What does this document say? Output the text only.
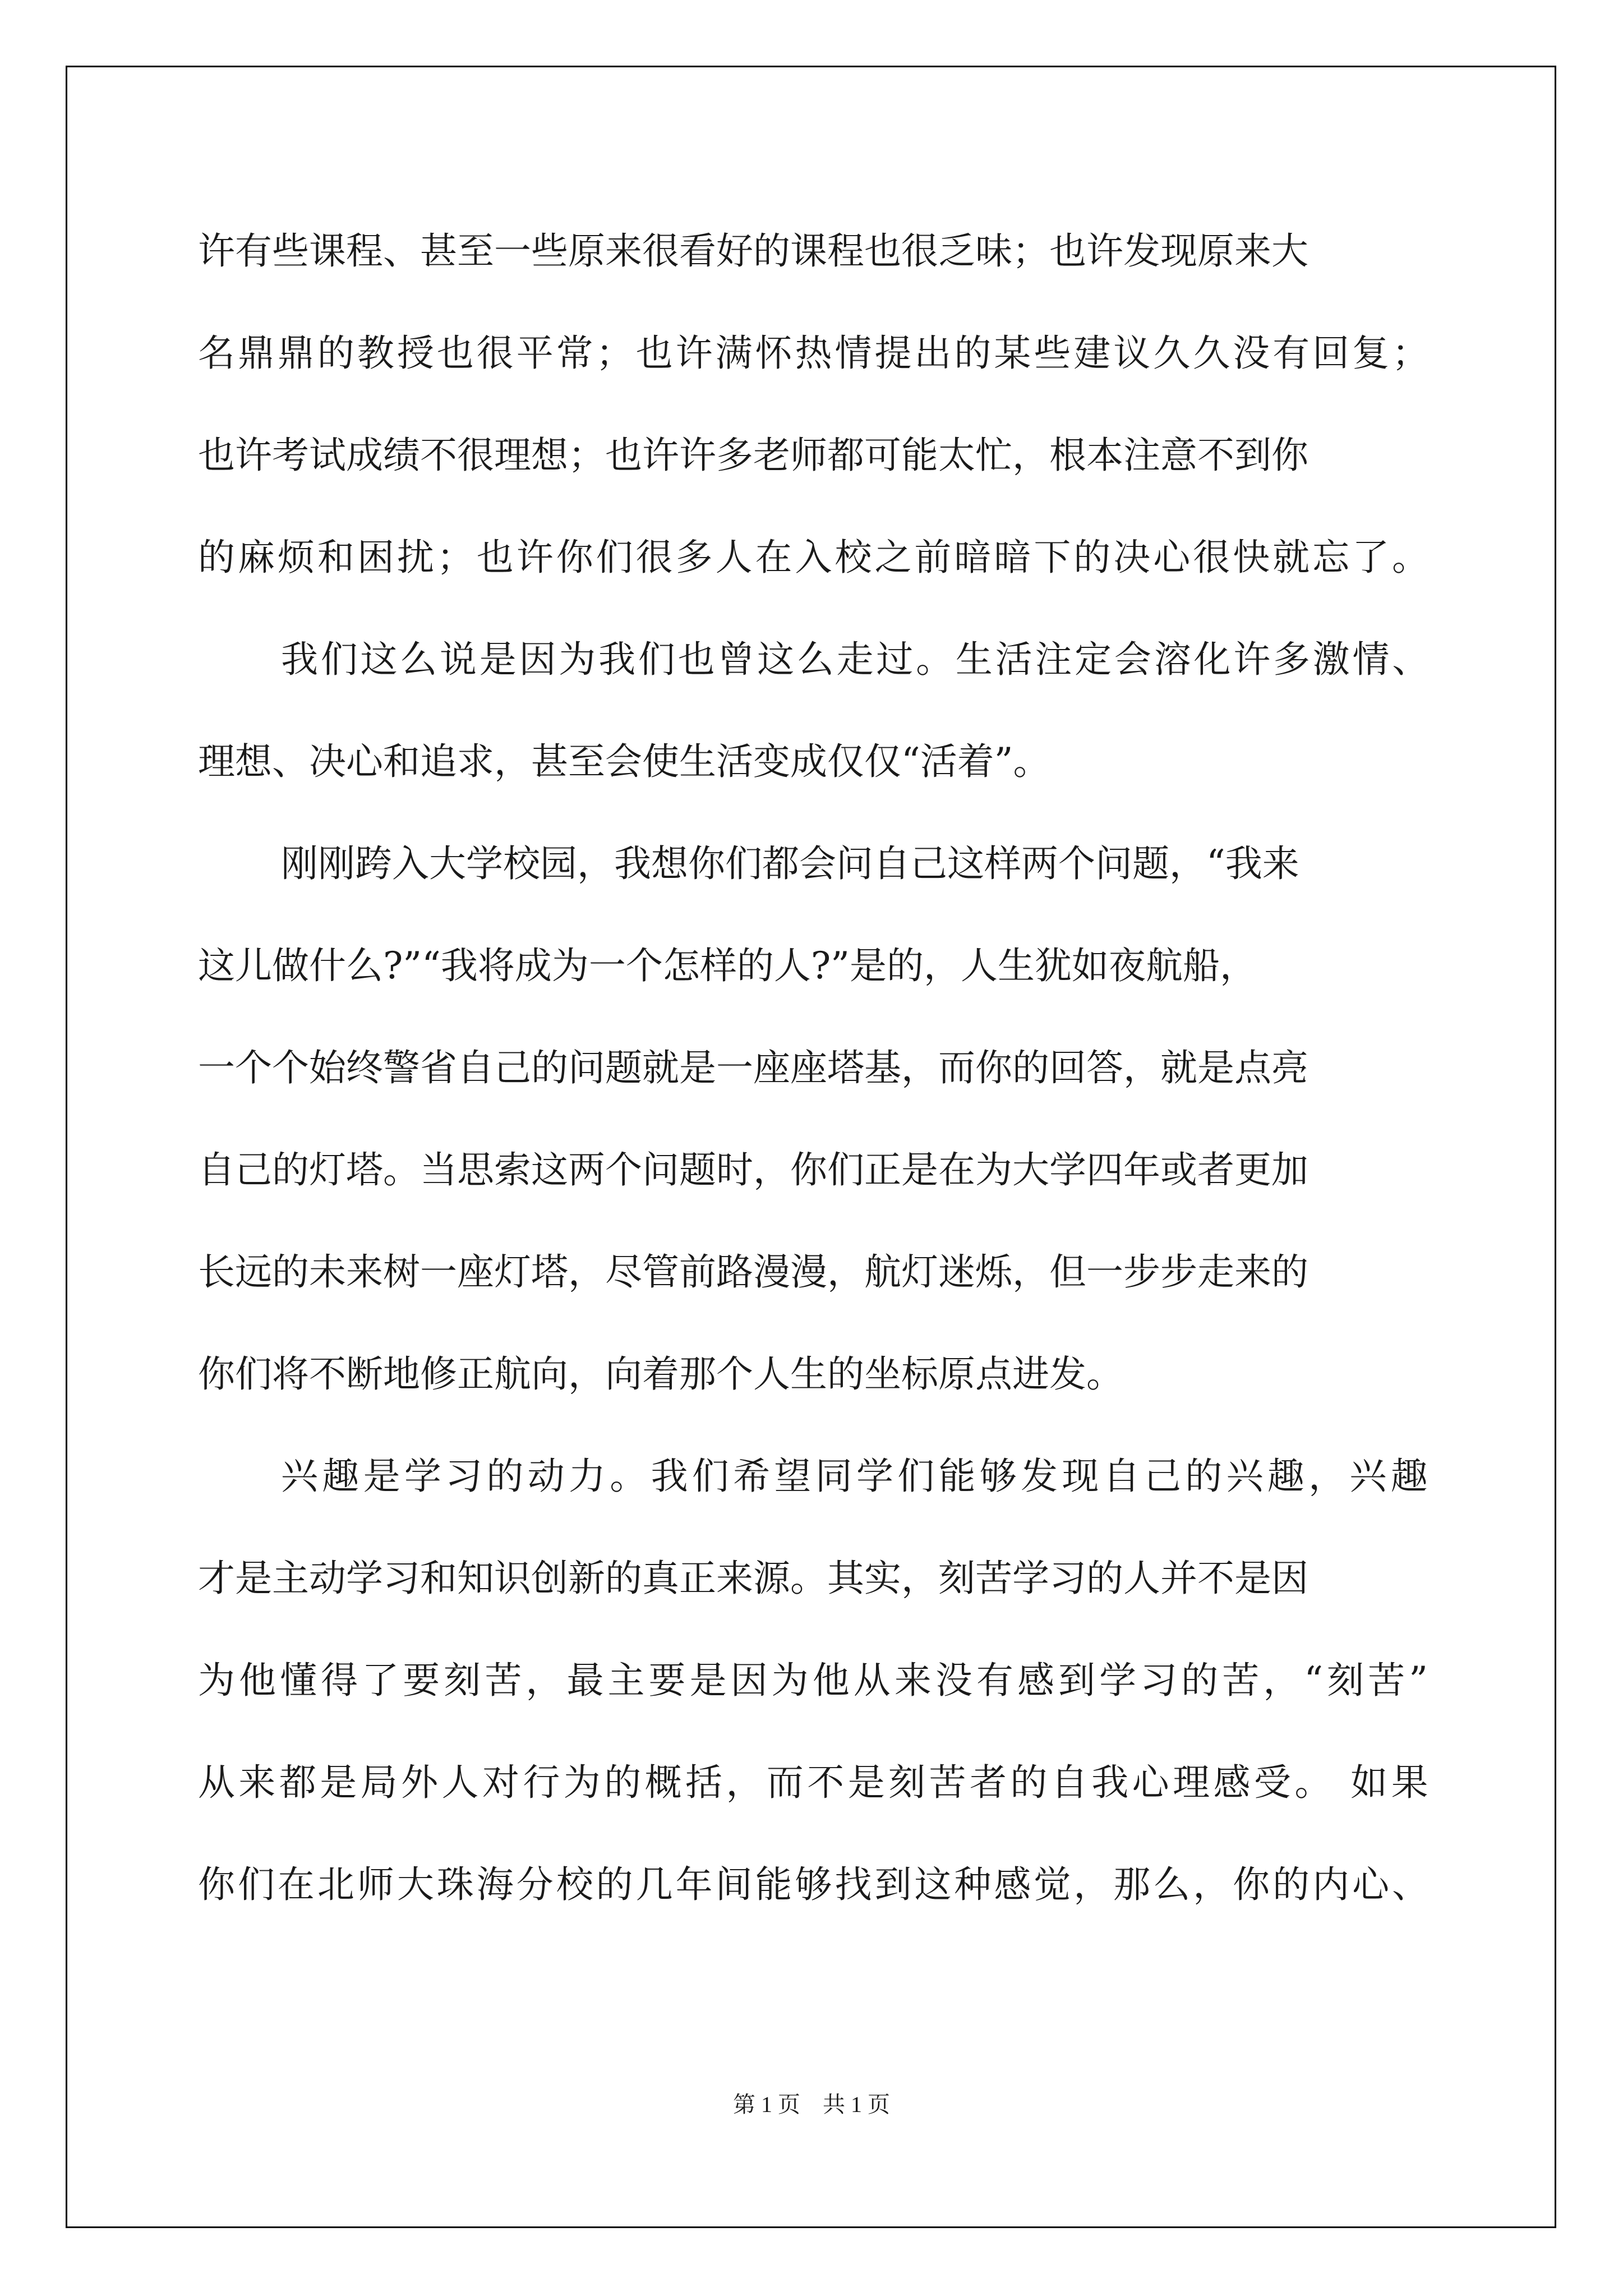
许有些课程、甚至一些原来很看好的课程也很乏味；也许发现原来大
名鼎鼎的教授也很平常；也许满怀热情提出的某些建议久久没有回复；
也许考试成绩不很理想；也许许多老师都可能太忙，根本注意不到你
的麻烦和困扰；也许你们很多人在入校之前暗暗下的决心很快就忘了。
我们这么说是因为我们也曾这么走过。生活注定会溶化许多激情、
理想、决心和追求，甚至会使生活变成仅仅“活着”。
刚刚跨入大学校园，我想你们都会问自己这样两个问题，“我来
这儿做什么?”“我将成为一个怎样的人?”是的，人生犹如夜航船，
一个个始终警省自己的问题就是一座座塔基，而你的回答，就是点亮
自己的灯塔。当思索这两个问题时，你们正是在为大学四年或者更加
长远的未来树一座灯塔，尽管前路漫漫，航灯迷烁，但一步步走来的
你们将不断地修正航向，向着那个人生的坐标原点进发。
兴趣是学习的动力。我们希望同学们能够发现自己的兴趣，兴趣
才是主动学习和知识创新的真正来源。其实，刻苦学习的人并不是因
为他懂得了要刻苦，最主要是因为他从来没有感到学习的苦，“刻苦”
从来都是局外人对行为的概括，而不是刻苦者的自我心理感受。 如果
你们在北师大珠海分校的几年间能够找到这种感觉，那么，你的内心、
第 1 页    共 1 页
